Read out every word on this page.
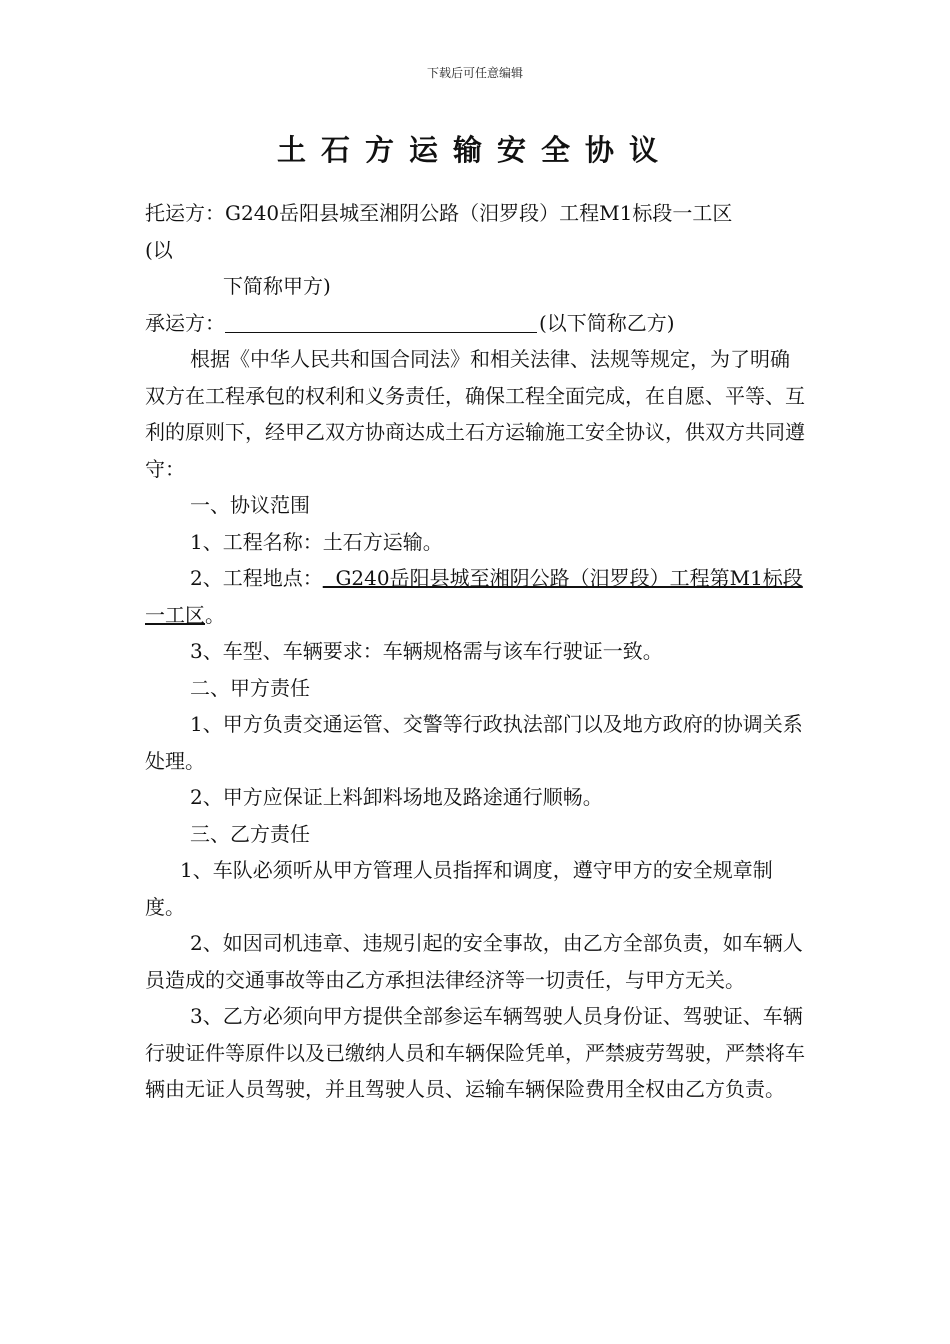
下载后可任意编辑
土石方运输安全协议

托运方：G240岳阳县城至湘阴公路（汨罗段）工程M1标段一工区

(以

下简称甲方)

承运方：	(以下简称乙方)

根据《中华人民共和国合同法》和相关法律、法规等规定，为了明确双方在工程承包的权利和义务责任，确保工程全面完成，在自愿、平等、互利的原则下，经甲乙双方协商达成土石方运输施工安全协议，供双方共同遵守：

一、协议范围

1、工程名称：土石方运输。

2、工程地点：  G240岳阳县城至湘阴公路（汨罗段）工程第M1标段一工区。

3、车型、车辆要求：车辆规格需与该车行驶证一致。

二、甲方责任

1、甲方负责交通运管、交警等行政执法部门以及地方政府的协调关系处理。

2、甲方应保证上料卸料场地及路途通行顺畅。

三、乙方责任

1、车队必须听从甲方管理人员指挥和调度，遵守甲方的安全规章制度。

2、如因司机违章、违规引起的安全事故，由乙方全部负责，如车辆人员造成的交通事故等由乙方承担法律经济等一切责任，与甲方无关。

3、乙方必须向甲方提供全部参运车辆驾驶人员身份证、驾驶证、车辆行驶证件等原件以及已缴纳人员和车辆保险凭单，严禁疲劳驾驶，严禁将车辆由无证人员驾驶，并且驾驶人员、运输车辆保险费用全权由乙方负责。
